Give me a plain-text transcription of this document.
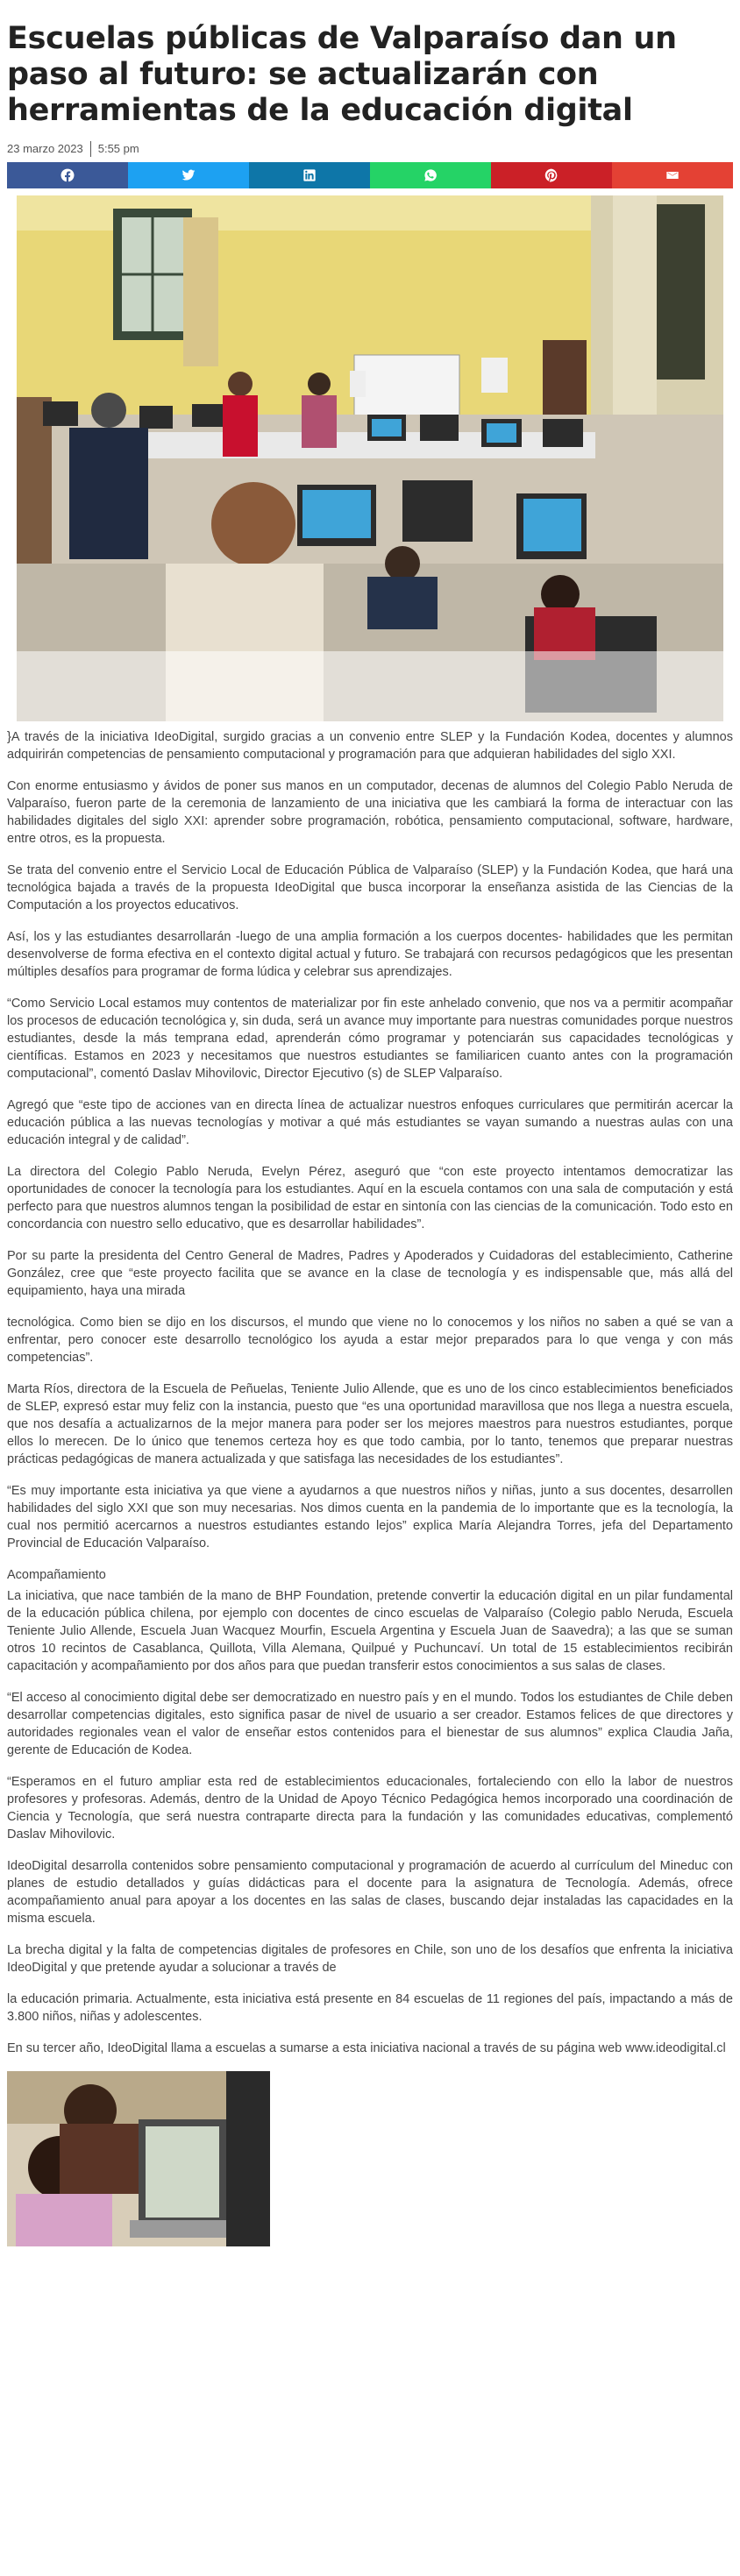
Escuelas públicas de Valparaíso dan un paso al futuro: se actualizarán con herramientas de la educación digital
23 marzo 2023 5:55 pm

}A través de la iniciativa IdeoDigital, surgido gracias a un convenio entre SLEP y la Fundación Kodea, docentes y alumnos adquirirán competencias de pensamiento computacional y programación para que adquieran habilidades del siglo XXI.

Con enorme entusiasmo y ávidos de poner sus manos en un computador, decenas de alumnos del Colegio Pablo Neruda de Valparaíso, fueron parte de la ceremonia de lanzamiento de una iniciativa que les cambiará la forma de interactuar con las habilidades digitales del siglo XXI: aprender sobre programación, robótica, pensamiento computacional, software, hardware, entre otros, es la propuesta.

Se trata del convenio entre el Servicio Local de Educación Pública de Valparaíso (SLEP) y la Fundación Kodea, que hará una tecnológica bajada a través de la propuesta IdeoDigital que busca incorporar la enseñanza asistida de las Ciencias de la Computación a los proyectos educativos.

Así, los y las estudiantes desarrollarán -luego de una amplia formación a los cuerpos docentes- habilidades que les permitan desenvolverse de forma efectiva en el contexto digital actual y futuro. Se trabajará con recursos pedagógicos que les presentan múltiples desafíos para programar de forma lúdica y celebrar sus aprendizajes.

“Como Servicio Local estamos muy contentos de materializar por fin este anhelado convenio, que nos va a permitir acompañar los procesos de educación tecnológica y, sin duda, será un avance muy importante para nuestras comunidades porque nuestros estudiantes, desde la más temprana edad, aprenderán cómo programar y potenciarán sus capacidades tecnológicas y científicas. Estamos en 2023 y necesitamos que nuestros estudiantes se familiaricen cuanto antes con la programación computacional”, comentó Daslav Mihovilovic, Director Ejecutivo (s) de SLEP Valparaíso.

Agregó que “este tipo de acciones van en directa línea de actualizar nuestros enfoques curriculares que permitirán acercar la educación pública a las nuevas tecnologías y motivar a qué más estudiantes se vayan sumando a nuestras aulas con una educación integral y de calidad”.

La directora del Colegio Pablo Neruda, Evelyn Pérez, aseguró que “con este proyecto intentamos democratizar las oportunidades de conocer la tecnología para los estudiantes. Aquí en la escuela contamos con una sala de computación y está perfecto para que nuestros alumnos tengan la posibilidad de estar en sintonía con las ciencias de la comunicación. Todo esto en concordancia con nuestro sello educativo, que es desarrollar habilidades”.

Por su parte la presidenta del Centro General de Madres, Padres y Apoderados y Cuidadoras del establecimiento, Catherine González, cree que “este proyecto facilita que se avance en la clase de tecnología y es indispensable que, más allá del equipamiento, haya una mirada

tecnológica. Como bien se dijo en los discursos, el mundo que viene no lo conocemos y los niños no saben a qué se van a enfrentar, pero conocer este desarrollo tecnológico los ayuda a estar mejor preparados para lo que venga y con más competencias”.

Marta Ríos, directora de la Escuela de Peñuelas, Teniente Julio Allende, que es uno de los cinco establecimientos beneficiados de SLEP, expresó estar muy feliz con la instancia, puesto que “es una oportunidad maravillosa que nos llega a nuestra escuela, que nos desafía a actualizarnos de la mejor manera para poder ser los mejores maestros para nuestros estudiantes, porque ellos lo merecen. De lo único que tenemos certeza hoy es que todo cambia, por lo tanto, tenemos que preparar nuestras prácticas pedagógicas de manera actualizada y que satisfaga las necesidades de los estudiantes”.

“Es muy importante esta iniciativa ya que viene a ayudarnos a que nuestros niños y niñas, junto a sus docentes, desarrollen habilidades del siglo XXI que son muy necesarias. Nos dimos cuenta en la pandemia de lo importante que es la tecnología, la cual nos permitió acercarnos a nuestros estudiantes estando lejos” explica María Alejandra Torres, jefa del Departamento Provincial de Educación Valparaíso.

Acompañamiento

La iniciativa, que nace también de la mano de BHP Foundation, pretende convertir la educación digital en un pilar fundamental de la educación pública chilena, por ejemplo con docentes de cinco escuelas de Valparaíso (Colegio pablo Neruda, Escuela Teniente Julio Allende, Escuela Juan Wacquez Mourfin, Escuela Argentina y Escuela Juan de Saavedra); a las que se suman otros 10 recintos de Casablanca, Quillota, Villa Alemana, Quilpué y Puchuncaví. Un total de 15 establecimientos recibirán capacitación y acompañamiento por dos años para que puedan transferir estos conocimientos a sus salas de clases.

“El acceso al conocimiento digital debe ser democratizado en nuestro país y en el mundo. Todos los estudiantes de Chile deben desarrollar competencias digitales, esto significa pasar de nivel de usuario a ser creador. Estamos felices de que directores y autoridades regionales vean el valor de enseñar estos contenidos para el bienestar de sus alumnos” explica Claudia Jaña, gerente de Educación de Kodea.

“Esperamos en el futuro ampliar esta red de establecimientos educacionales, fortaleciendo con ello la labor de nuestros profesores y profesoras. Además, dentro de la Unidad de Apoyo Técnico Pedagógica hemos incorporado una coordinación de Ciencia y Tecnología, que será nuestra contraparte directa para la fundación y las comunidades educativas, complementó Daslav Mihovilovic.

IdeoDigital desarrolla contenidos sobre pensamiento computacional y programación de acuerdo al currículum del Mineduc con planes de estudio detallados y guías didácticas para el docente para la asignatura de Tecnología. Además, ofrece acompañamiento anual para apoyar a los docentes en las salas de clases, buscando dejar instaladas las capacidades en la misma escuela.

La brecha digital y la falta de competencias digitales de profesores en Chile, son uno de los desafíos que enfrenta la iniciativa IdeoDigital y que pretende ayudar a solucionar a través de

la educación primaria. Actualmente, esta iniciativa está presente en 84 escuelas de 11 regiones del país, impactando a más de 3.800 niños, niñas y adolescentes.

En su tercer año, IdeoDigital llama a escuelas a sumarse a esta iniciativa nacional a través de su página web www.ideodigital.cl
